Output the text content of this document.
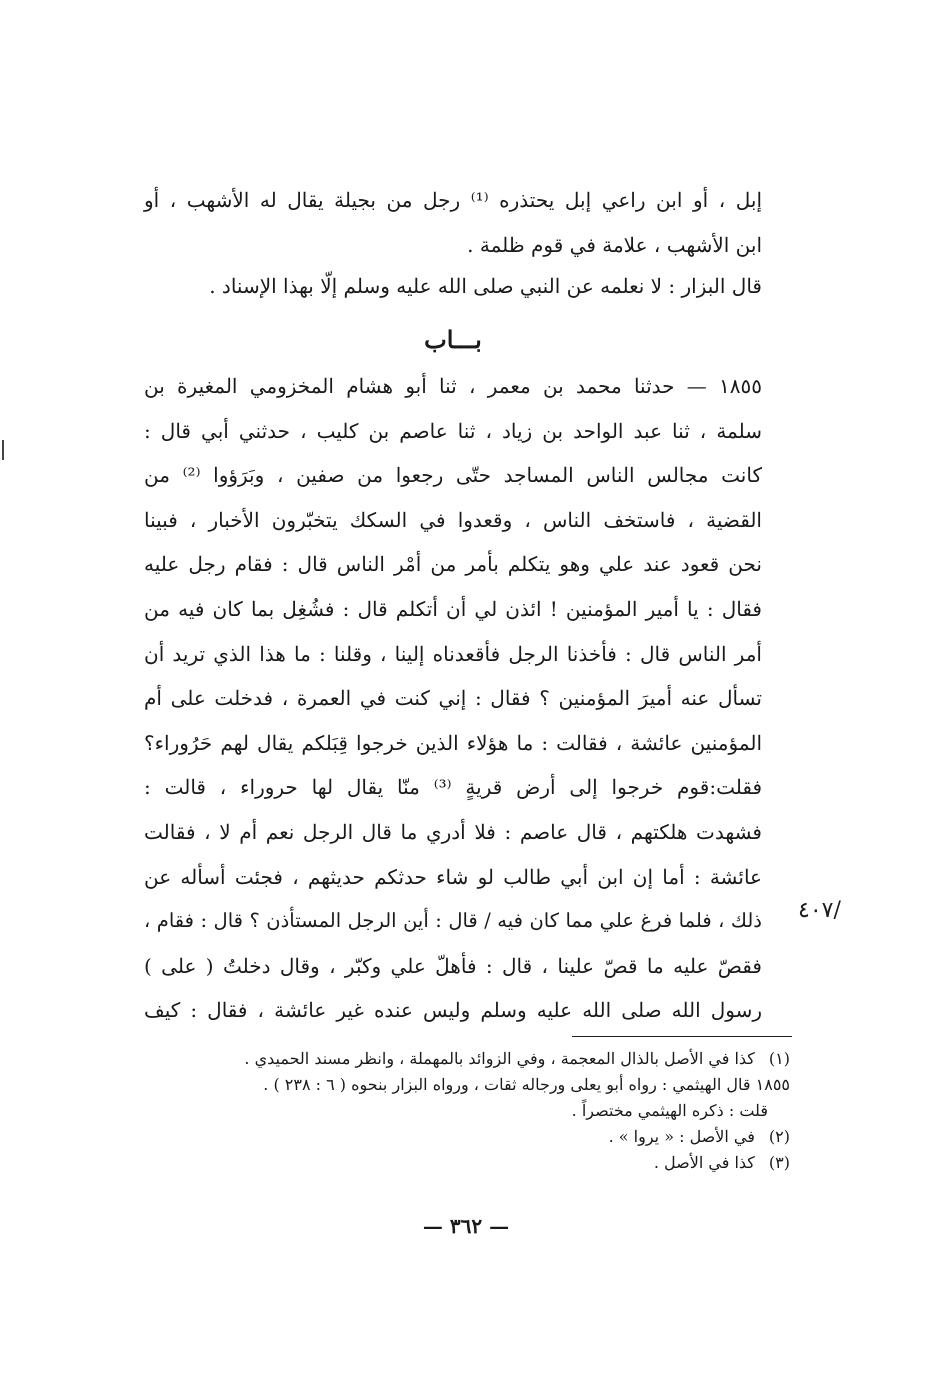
إبل ، أو ابن راعي إبل يحتذره ⁽¹⁾ رجل من بجيلة يقال له الأشهب ، أو
ابن الأشهب ، علامة في قوم ظلمة .
قال البزار : لا نعلمه عن النبي صلى الله عليه وسلم إلّا بهذا الإسناد .
بـــاب
١٨٥٥ — حدثنا محمد بن معمر ، ثنا أبو هشام المخزومي المغيرة بن
سلمة ، ثنا عبد الواحد بن زياد ، ثنا عاصم بن كليب ، حدثني أبي قال :
كانت مجالس الناس المساجد حتّى رجعوا من صفين ، وبَرَؤوا ⁽²⁾ من
القضية ، فاستخف الناس ، وقعدوا في السكك يتخبّرون الأخبار ، فبينا
نحن قعود عند علي وهو يتكلم بأمر من أمْر الناس قال : فقام رجل عليه
فقال : يا أمير المؤمنين ! ائذن لي أن أتكلم قال : فشُغِل بما كان فيه من
أمر الناس قال : فأخذنا الرجل فأقعدناه إلينا ، وقلنا : ما هذا الذي تريد أن
تسأل عنه أميرَ المؤمنين ؟ فقال : إني كنت في العمرة ، فدخلت على أم
المؤمنين عائشة ، فقالت : ما هؤلاء الذين خرجوا قِبَلكم يقال لهم حَرُوراء؟
فقلت:قوم خرجوا إلى أرض قريةٍ ⁽³⁾ منّا يقال لها حروراء ، قالت :
فشهدت هلكتهم ، قال عاصم : فلا أدري ما قال الرجل نعم أم لا ، فقالت
عائشة : أما إن ابن أبي طالب لو شاء حدثكم حديثهم ، فجئت أسأله عن
ذلك ، فلما فرغ علي مما كان فيه / قال : أين الرجل المستأذن ؟ قال : فقام ،
فقصّ عليه ما قصّ علينا ، قال : فأهلّ علي وكبّر ، وقال دخلتُ ( على )
رسول الله صلى الله عليه وسلم وليس عنده غير عائشة ، فقال : كيف
/٤٠٧
(١) كذا في الأصل بالذال المعجمة ، وفي الزوائد بالمهملة ، وانظر مسند الحميدي .
١٨٥٥ قال الهيثمي : رواه أبو يعلى ورجاله ثقات ، ورواه البزار بنحوه ( ٦ : ٢٣٨ ) .
قلت : ذكره الهيثمي مختصراً .
(٢) في الأصل : « يروا » .
(٣) كذا في الأصل .
— ٣٦٢ —
